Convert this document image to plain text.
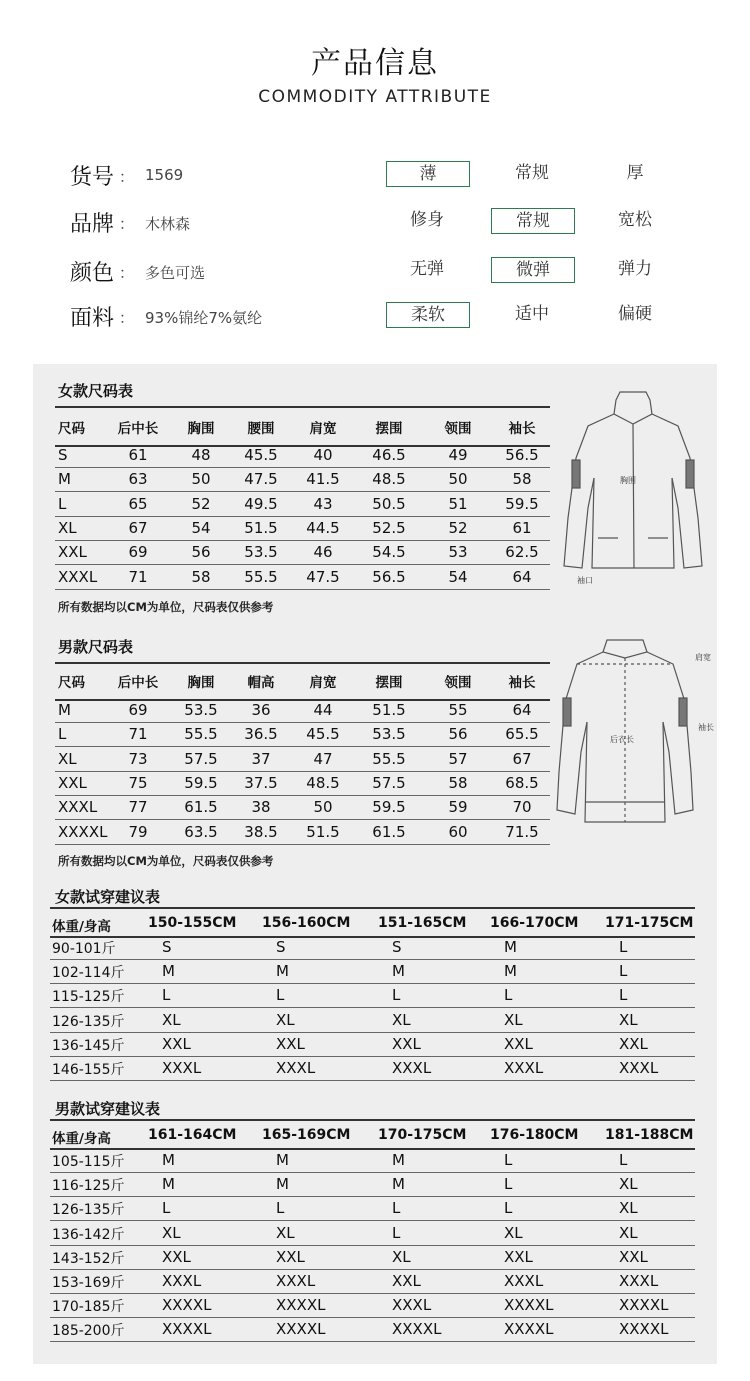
产品信息
COMMODITY ATTRIBUTE
货号 ： 1569	薄	常规	厚
品牌 ： 木林森	修身	常规	宽松
颜色 ： 多色可选	无弹	微弹	弹力
面料 ： 93%锦纶7%氨纶	柔软	适中	偏硬
女款尺码表
尺码	后中长	胸围	腰围	肩宽	摆围	领围	袖长
S	61	48	45.5	40	46.5	49	56.5
M	63	50	47.5	41.5	48.5	50	58
L	65	52	49.5	43	50.5	51	59.5
XL	67	54	51.5	44.5	52.5	52	61
XXL	69	56	53.5	46	54.5	53	62.5
XXXL	71	58	55.5	47.5	56.5	54	64
所有数据均以CM为单位，尺码表仅供参考
男款尺码表
尺码	后中长	胸围	帽高	肩宽	摆围	领围	袖长
M	69	53.5	36	44	51.5	55	64
L	71	55.5	36.5	45.5	53.5	56	65.5
XL	73	57.5	37	47	55.5	57	67
XXL	75	59.5	37.5	48.5	57.5	58	68.5
XXXL	77	61.5	38	50	59.5	59	70
XXXXL	79	63.5	38.5	51.5	61.5	60	71.5
所有数据均以CM为单位，尺码表仅供参考
女款试穿建议表
体重/身高	150-155CM 156-160CM 151-165CM 166-170CM 171-175CM
90-101斤	S	S	S	M	L
102-114斤	M	M	M	M	L
115-125斤	L	L	L	L	L
126-135斤	XL	XL	XL	XL	XL
136-145斤	XXL	XXL	XXL	XXL	XXL
146-155斤	XXXL	XXXL	XXXL	XXXL	XXXL
男款试穿建议表
体重/身高	161-164CM 165-169CM 170-175CM 176-180CM 181-188CM
105-115斤	M	M	M	L	L
116-125斤	M	M	M	L	XL
126-135斤	L	L	L	L	XL
136-142斤	XL	XL	L	XL	XL
143-152斤	XXL	XXL	XL	XXL	XXL
153-169斤	XXXL	XXXL	XXL	XXXL	XXXL
170-185斤	XXXXL	XXXXL	XXXL	XXXXL	XXXXL
185-200斤	XXXXL	XXXXL	XXXXL	XXXXL	XXXXL
胸围
袖口
肩宽
后衣长
袖长
